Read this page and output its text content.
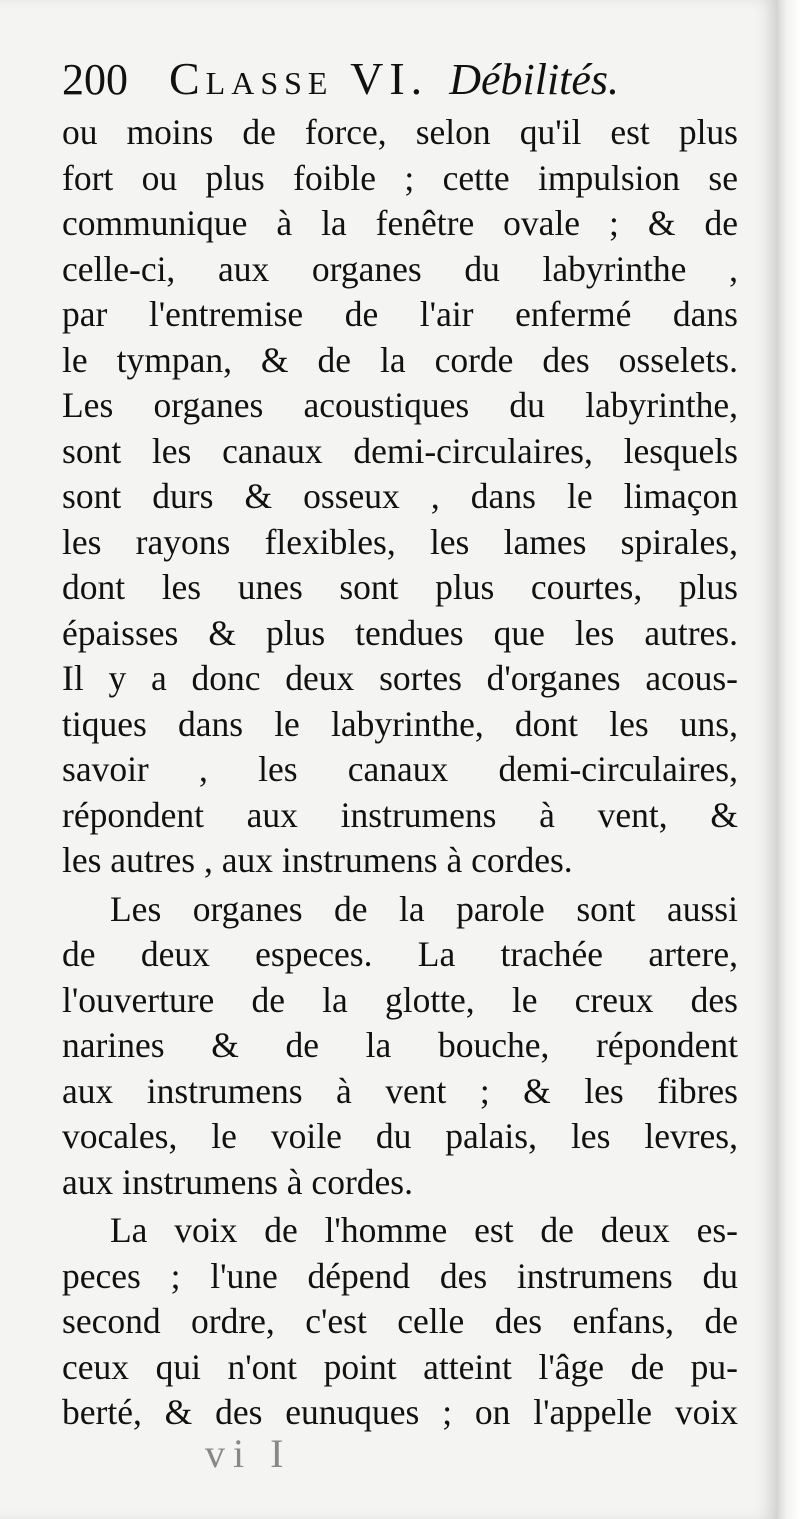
200 Classe VI. Débilités.
ou moins de force, selon qu'il est plus
fort ou plus foible ; cette impulsion se
communique à la fenêtre ovale ; & de
celle-ci, aux organes du labyrinthe ,
par l'entremise de l'air enfermé dans
le tympan, & de la corde des osselets.
Les organes acoustiques du labyrinthe,
sont les canaux demi-circulaires, lesquels
sont durs & osseux , dans le limaçon
les rayons flexibles, les lames spirales,
dont les unes sont plus courtes, plus
épaisses & plus tendues que les autres.
Il y a donc deux sortes d'organes acous-
tiques dans le labyrinthe, dont les uns,
savoir , les canaux demi-circulaires,
répondent aux instrumens à vent, &
les autres , aux instrumens à cordes.
Les organes de la parole sont aussi
de deux especes. La trachée artere,
l'ouverture de la glotte, le creux des
narines & de la bouche, répondent
aux instrumens à vent ; & les fibres
vocales, le voile du palais, les levres,
aux instrumens à cordes.
La voix de l'homme est de deux es-
peces ; l'une dépend des instrumens du
second ordre, c'est celle des enfans, de
ceux qui n'ont point atteint l'âge de pu-
berté, & des eunuques ; on l'appelle voix
vi I
